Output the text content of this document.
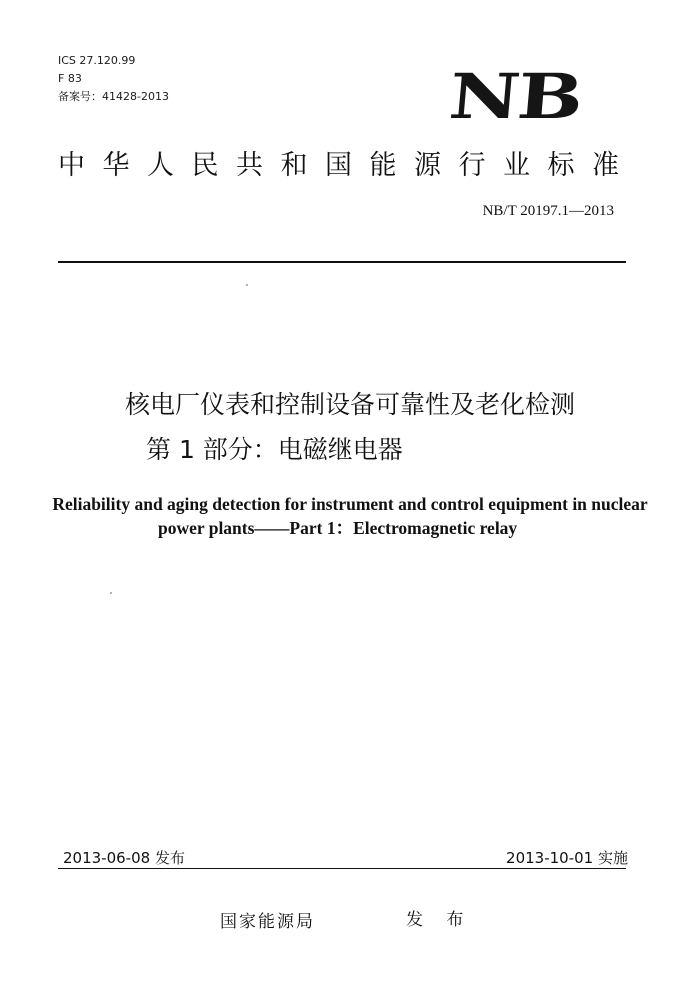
ICS 27.120.99
F 83
备案号：41428-2013	NB
中华人民共和国能源行业标准
NB/T 20197.1—2013
核电厂仪表和控制设备可靠性及老化检测
第 1 部分：电磁继电器
Reliability and aging detection for instrument and control equipment in nuclear
power plants——Part 1：Electromagnetic relay
2013-06-08 发布	2013-10-01 实施
国家能源局	发 布
